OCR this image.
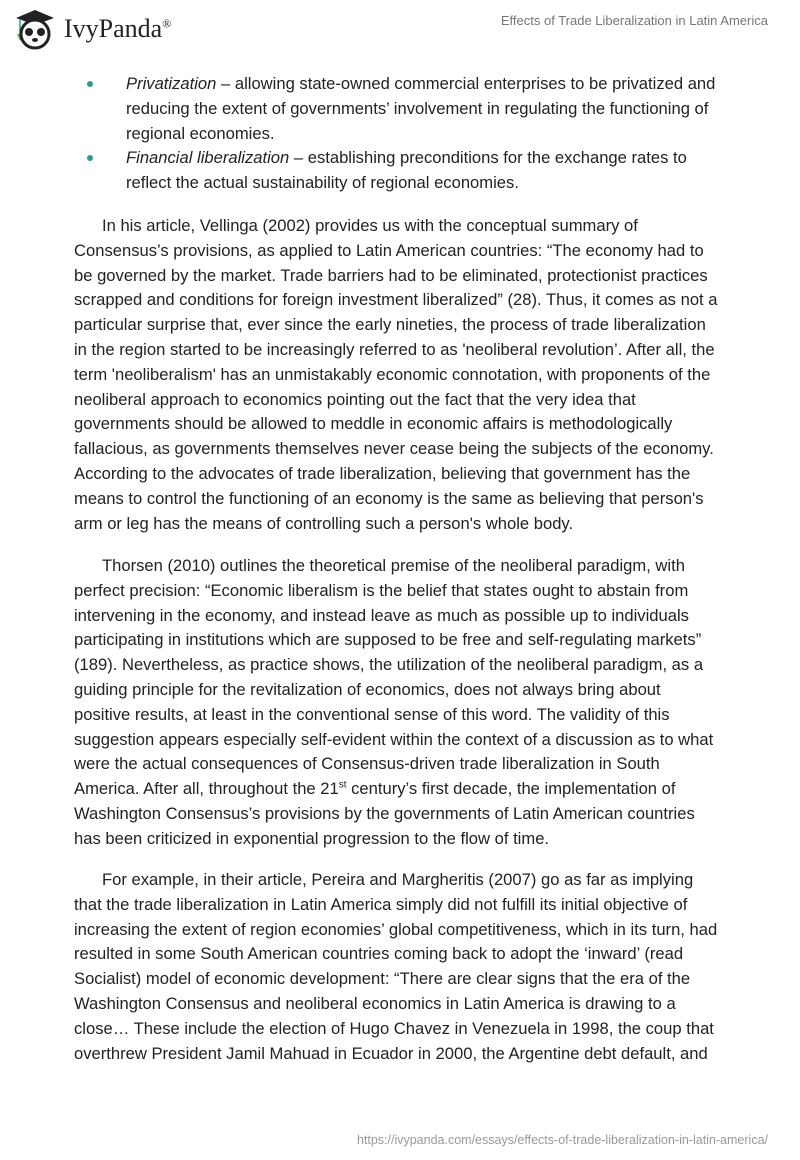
IvyPanda®	Effects of Trade Liberalization in Latin America
Privatization – allowing state-owned commercial enterprises to be privatized and
reducing the extent of governments’ involvement in regulating the functioning of
regional economies.
Financial liberalization – establishing preconditions for the exchange rates to
reflect the actual sustainability of regional economies.
In his article, Vellinga (2002) provides us with the conceptual summary of
Consensus’s provisions, as applied to Latin American countries: “The economy had to
be governed by the market. Trade barriers had to be eliminated, protectionist practices
scrapped and conditions for foreign investment liberalized” (28). Thus, it comes as not a
particular surprise that, ever since the early nineties, the process of trade liberalization
in the region started to be increasingly referred to as 'neoliberal revolution’. After all, the
term 'neoliberalism' has an unmistakably economic connotation, with proponents of the
neoliberal approach to economics pointing out the fact that the very idea that
governments should be allowed to meddle in economic affairs is methodologically
fallacious, as governments themselves never cease being the subjects of the economy.
According to the advocates of trade liberalization, believing that government has the
means to control the functioning of an economy is the same as believing that person's
arm or leg has the means of controlling such a person's whole body.
Thorsen (2010) outlines the theoretical premise of the neoliberal paradigm, with
perfect precision: “Economic liberalism is the belief that states ought to abstain from
intervening in the economy, and instead leave as much as possible up to individuals
participating in institutions which are supposed to be free and self-regulating markets”
(189). Nevertheless, as practice shows, the utilization of the neoliberal paradigm, as a
guiding principle for the revitalization of economics, does not always bring about
positive results, at least in the conventional sense of this word. The validity of this
suggestion appears especially self-evident within the context of a discussion as to what
were the actual consequences of Consensus-driven trade liberalization in South
America. After all, throughout the 21st century’s first decade, the implementation of
Washington Consensus’s provisions by the governments of Latin American countries
has been criticized in exponential progression to the flow of time.
For example, in their article, Pereira and Margheritis (2007) go as far as implying
that the trade liberalization in Latin America simply did not fulfill its initial objective of
increasing the extent of region economies’ global competitiveness, which in its turn, had
resulted in some South American countries coming back to adopt the ‘inward’ (read
Socialist) model of economic development: “There are clear signs that the era of the
Washington Consensus and neoliberal economics in Latin America is drawing to a
close… These include the election of Hugo Chavez in Venezuela in 1998, the coup that
overthrew President Jamil Mahuad in Ecuador in 2000, the Argentine debt default, and
https://ivypanda.com/essays/effects-of-trade-liberalization-in-latin-america/
